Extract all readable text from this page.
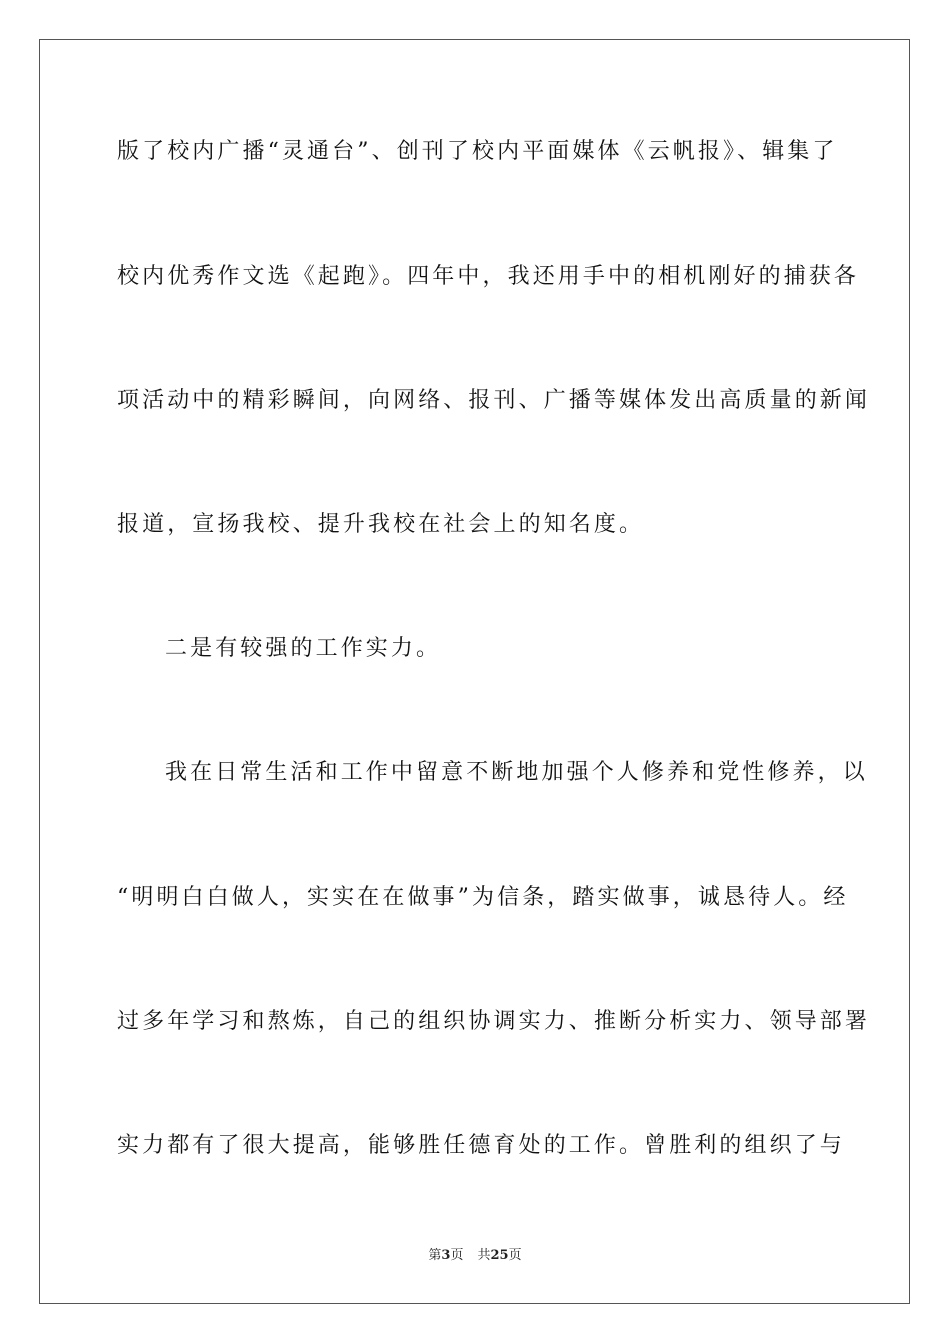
版了校内广播“灵通台”、创刊了校内平面媒体《云帆报》、辑集了
校内优秀作文选《起跑》。四年中，我还用手中的相机刚好的捕获各
项活动中的精彩瞬间，向网络、报刊、广播等媒体发出高质量的新闻
报道，宣扬我校、提升我校在社会上的知名度。
二是有较强的工作实力。
我在日常生活和工作中留意不断地加强个人修养和党性修养，以
“明明白白做人，实实在在做事”为信条，踏实做事，诚恳待人。经
过多年学习和熬炼，自己的组织协调实力、推断分析实力、领导部署
实力都有了很大提高，能够胜任德育处的工作。曾胜利的组织了与
第3页 共25页
